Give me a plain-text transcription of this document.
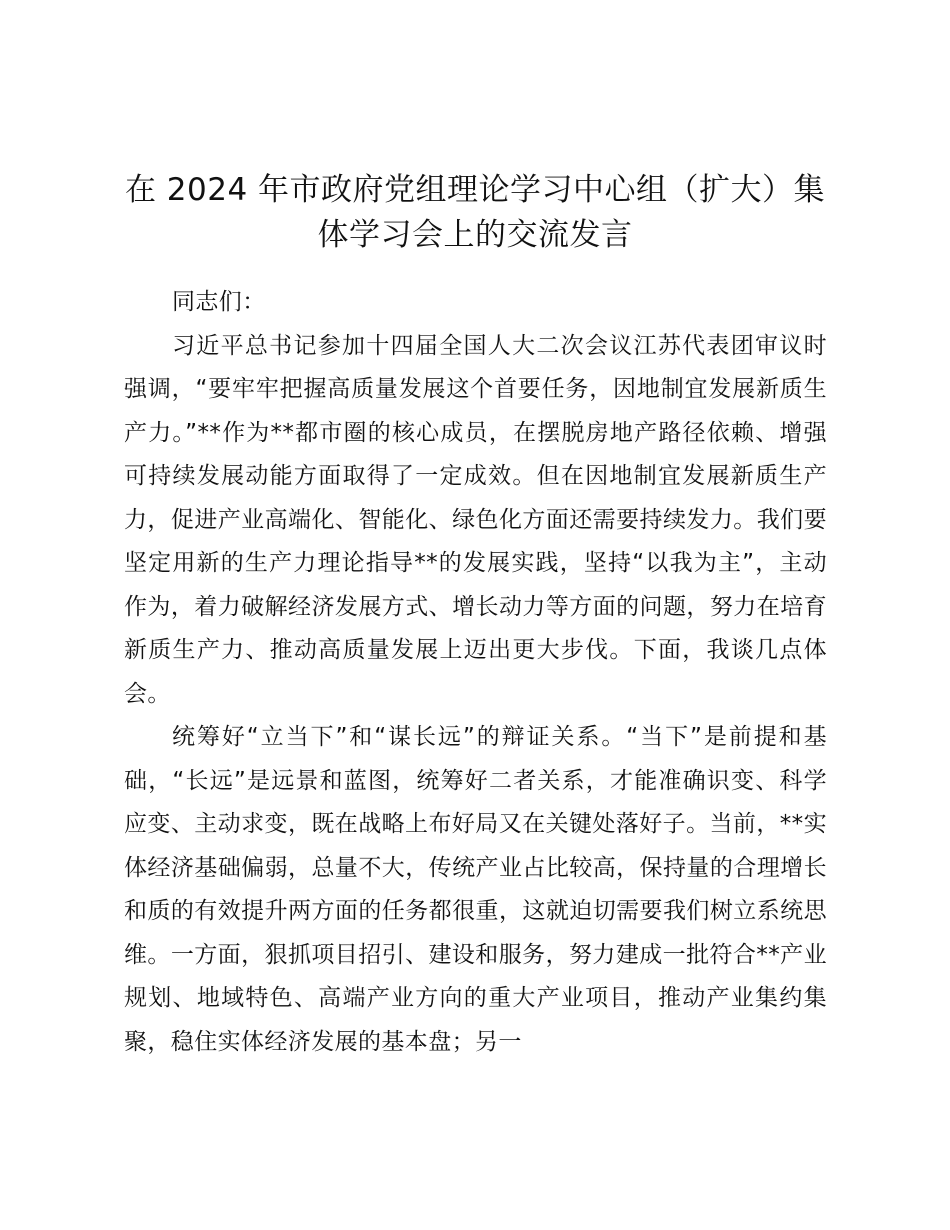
在 2024 年市政府党组理论学习中心组（扩大）集体学习会上的交流发言

同志们：

习近平总书记参加十四届全国人大二次会议江苏代表团审议时强调，“要牢牢把握高质量发展这个首要任务，因地制宜发展新质生产力。”**作为**都市圈的核心成员，在摆脱房地产路径依赖、增强可持续发展动能方面取得了一定成效。但在因地制宜发展新质生产力，促进产业高端化、智能化、绿色化方面还需要持续发力。我们要坚定用新的生产力理论指导**的发展实践，坚持“以我为主”，主动作为，着力破解经济发展方式、增长动力等方面的问题，努力在培育新质生产力、推动高质量发展上迈出更大步伐。下面，我谈几点体会。

统筹好“立当下”和“谋长远”的辩证关系。“当下”是前提和基础，“长远”是远景和蓝图，统筹好二者关系，才能准确识变、科学应变、主动求变，既在战略上布好局又在关键处落好子。当前，**实体经济基础偏弱，总量不大，传统产业占比较高，保持量的合理增长和质的有效提升两方面的任务都很重，这就迫切需要我们树立系统思维。一方面，狠抓项目招引、建设和服务，努力建成一批符合**产业规划、地域特色、高端产业方向的重大产业项目，推动产业集约集聚，稳住实体经济发展的基本盘；另一
